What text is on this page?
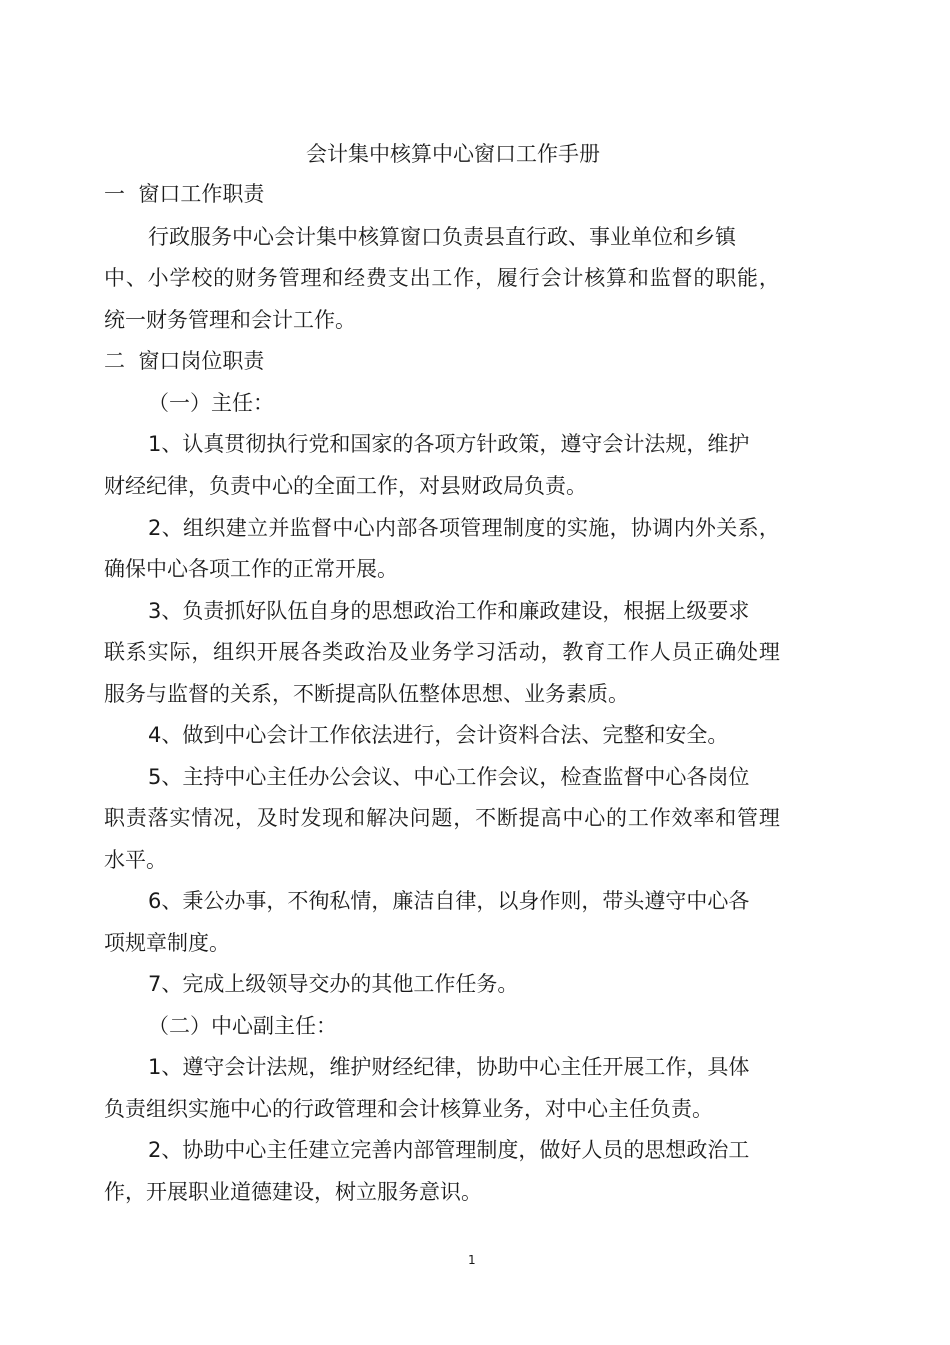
会计集中核算中心窗口工作手册
一  窗口工作职责
行政服务中心会计集中核算窗口负责县直行政、事业单位和乡镇
中 、 小 学 校 的 财 务 管 理 和 经 费 支 出 工 作 ， 履 行 会 计 核 算 和 监 督 的 职 能 ，
统一财务管理和会计工作。
二  窗口岗位职责
（一）主任：
1、认真贯彻执行党和国家的各项方针政策，遵守会计法规，维护
财经纪律，负责中心的全面工作，对县财政局负责。
2 、 组 织 建 立 并 监 督 中 心 内 部 各 项 管 理 制 度 的 实 施 ， 协 调 内 外 关 系 ，
确保中心各项工作的正常开展。
3、负责抓好队伍自身的思想政治工作和廉政建设，根据上级要求
联 系 实 际 ， 组 织 开 展 各 类 政 治 及 业 务 学 习 活 动 ， 教 育 工 作 人 员 正 确 处 理
服务与监督的关系，不断提高队伍整体思想、业务素质。
4、做到中心会计工作依法进行，会计资料合法、完整和安全。
5、主持中心主任办公会议、中心工作会议，检查监督中心各岗位
职 责 落 实 情 况 ， 及 时 发 现 和 解 决 问 题 ， 不 断 提 高 中 心 的 工 作 效 率 和 管 理
水平。
6、秉公办事，不徇私情，廉洁自律，以身作则，带头遵守中心各
项规章制度。
7、完成上级领导交办的其他工作任务。
（二）中心副主任：
1、遵守会计法规，维护财经纪律，协助中心主任开展工作，具体
负责组织实施中心的行政管理和会计核算业务，对中心主任负责。
2、协助中心主任建立完善内部管理制度，做好人员的思想政治工
作，开展职业道德建设，树立服务意识。
1
